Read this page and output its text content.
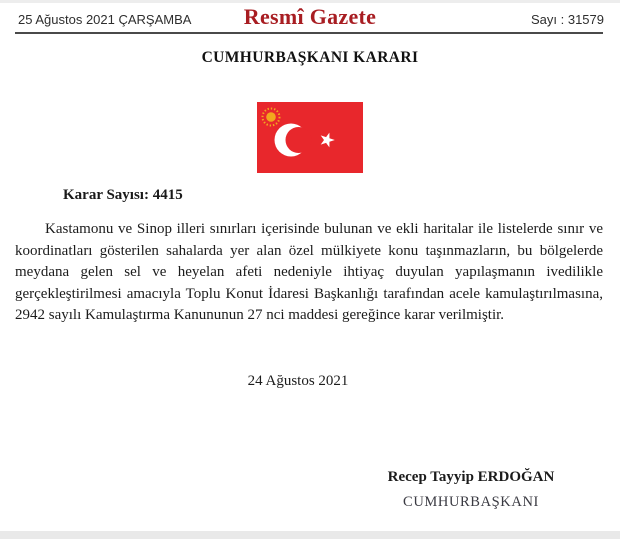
25 Ağustos 2021 ÇARŞAMBA	Resmî Gazete	Sayı : 31579
CUMHURBAŞKANI KARARI
Karar Sayısı: 4415

Kastamonu ve Sinop illeri sınırları içerisinde bulunan ve ekli haritalar ile listelerde sınır ve koordinatları gösterilen sahalarda yer alan özel mülkiyete konu taşınmazların, bu bölgelerde meydana gelen sel ve heyelan afeti nedeniyle ihtiyaç duyulan yapılaşmanın ivedilikle gerçekleştirilmesi amacıyla Toplu Konut İdaresi Başkanlığı tarafından acele kamulaştırılmasına, 2942 sayılı Kamulaştırma Kanununun 27 nci maddesi gereğince karar verilmiştir.

24 Ağustos 2021

Recep Tayyip ERDOĞAN

CUMHURBAŞKANI
